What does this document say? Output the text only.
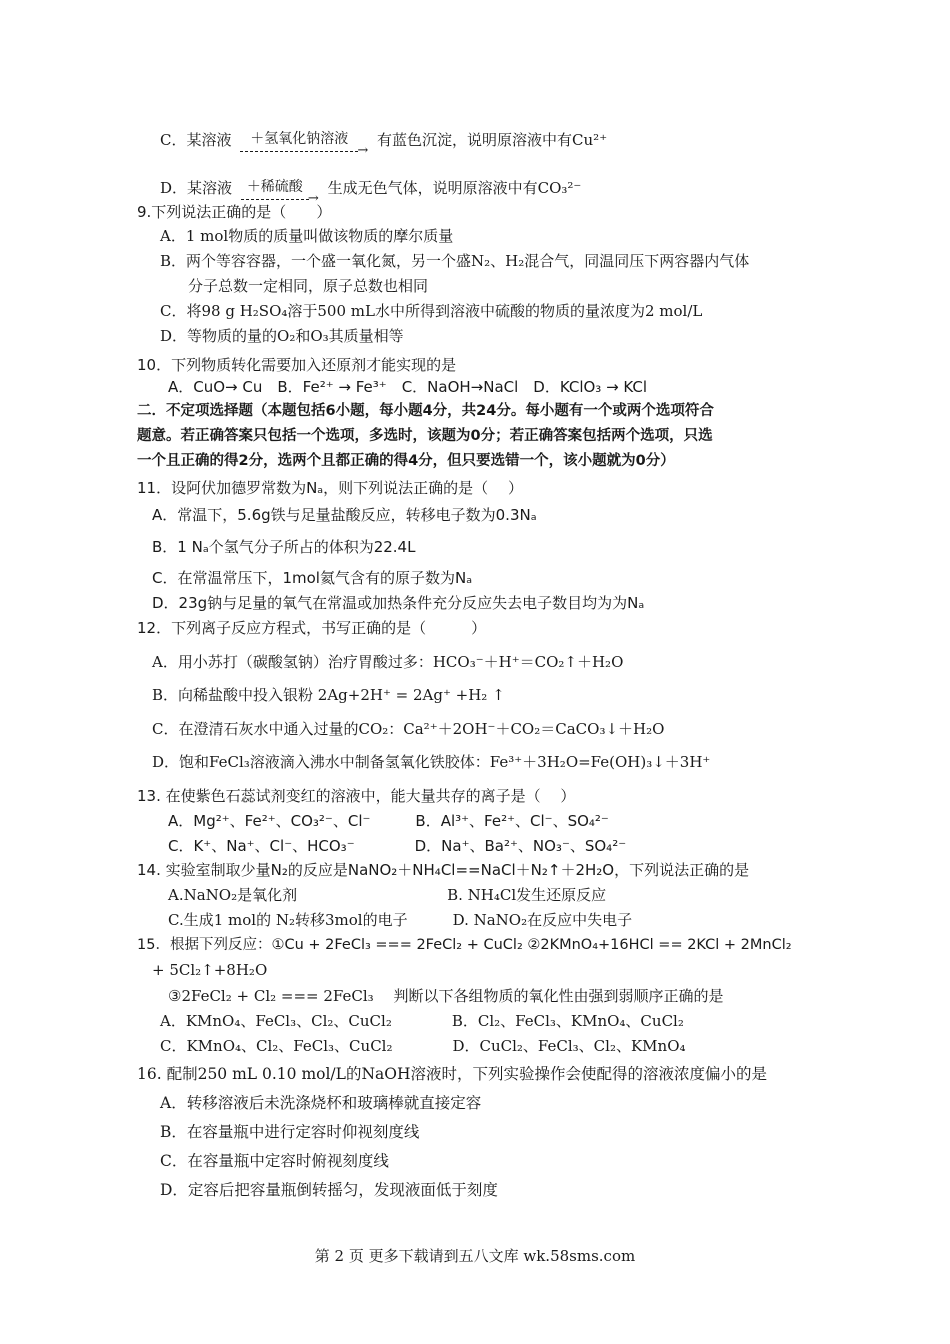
C．某溶液	＋氢氧化钠溶液 →	有蓝色沉淀，说明原溶液中有Cu²⁺
D．某溶液	＋稀硫酸 →	生成无色气体，说明原溶液中有CO₃²⁻
9.下列说法正确的是（　　）
A．1 mol物质的质量叫做该物质的摩尔质量
B．两个等容容器，一个盛一氧化氮，另一个盛N₂、H₂混合气，同温同压下两容器内气体
分子总数一定相同，原子总数也相同
C．将98 g H₂SO₄溶于500 mL水中所得到溶液中硫酸的物质的量浓度为2 mol/L
D．等物质的量的O₂和O₃其质量相等
10．下列物质转化需要加入还原剂才能实现的是
A．CuO→ Cu　B．Fe²⁺ → Fe³⁺　C．NaOH→NaCl　D．KClO₃ → KCl
二．不定项选择题（本题包括6小题，每小题4分，共24分。每小题有一个或两个选项符合
题意。若正确答案只包括一个选项，多选时，该题为0分；若正确答案包括两个选项，只选
一个且正确的得2分，选两个且都正确的得4分，但只要选错一个，该小题就为0分）
11．设阿伏加德罗常数为Nₐ，则下列说法正确的是（　 ）
A．常温下，5.6g铁与足量盐酸反应，转移电子数为0.3Nₐ
B．1 Nₐ个氢气分子所占的体积为22.4L
C．在常温常压下，1mol氦气含有的原子数为Nₐ
D．23g钠与足量的氧气在常温或加热条件充分反应失去电子数目均为为Nₐ
12．下列离子反应方程式，书写正确的是（　　　）
A．用小苏打（碳酸氢钠）治疗胃酸过多：HCO₃⁻＋H⁺＝CO₂↑＋H₂O
B．向稀盐酸中投入银粉 2Ag+2H⁺ = 2Ag⁺ +H₂ ↑
C．在澄清石灰水中通入过量的CO₂：Ca²⁺＋2OH⁻＋CO₂＝CaCO₃↓＋H₂O
D．饱和FeCl₃溶液滴入沸水中制备氢氧化铁胶体：Fe³⁺＋3H₂O=Fe(OH)₃↓＋3H⁺
13. 在使紫色石蕊试剂变红的溶液中，能大量共存的离子是（　 ）
A．Mg²⁺、Fe²⁺、CO₃²⁻、Cl⁻　　　B．Al³⁺、Fe²⁺、Cl⁻、SO₄²⁻
C．K⁺、Na⁺、Cl⁻、HCO₃⁻　　　　D．Na⁺、Ba²⁺、NO₃⁻、SO₄²⁻
14. 实验室制取少量N₂的反应是NaNO₂＋NH₄Cl==NaCl＋N₂↑＋2H₂O，下列说法正确的是
A.NaNO₂是氧化剂　　　　　　　　　　B. NH₄Cl发生还原反应
C.生成1 mol的 N₂转移3mol的电子　　　D. NaNO₂在反应中失电子
15．根据下列反应：①Cu + 2FeCl₃ === 2FeCl₂ + CuCl₂ ②2KMnO₄+16HCl == 2KCl + 2MnCl₂
+ 5Cl₂↑+8H₂O
③2FeCl₂ + Cl₂ === 2FeCl₃　 判断以下各组物质的氧化性由强到弱顺序正确的是
A．KMnO₄、FeCl₃、Cl₂、CuCl₂　　　　B．Cl₂、FeCl₃、KMnO₄、CuCl₂
C．KMnO₄、Cl₂、FeCl₃、CuCl₂　　　　D．CuCl₂、FeCl₃、Cl₂、KMnO₄
16. 配制250 mL 0.10 mol/L的NaOH溶液时，下列实验操作会使配得的溶液浓度偏小的是
A．转移溶液后未洗涤烧杯和玻璃棒就直接定容
B．在容量瓶中进行定容时仰视刻度线
C．在容量瓶中定容时俯视刻度线
D．定容后把容量瓶倒转摇匀，发现液面低于刻度
第 2 页 更多下载请到五八文库 wk.58sms.com
